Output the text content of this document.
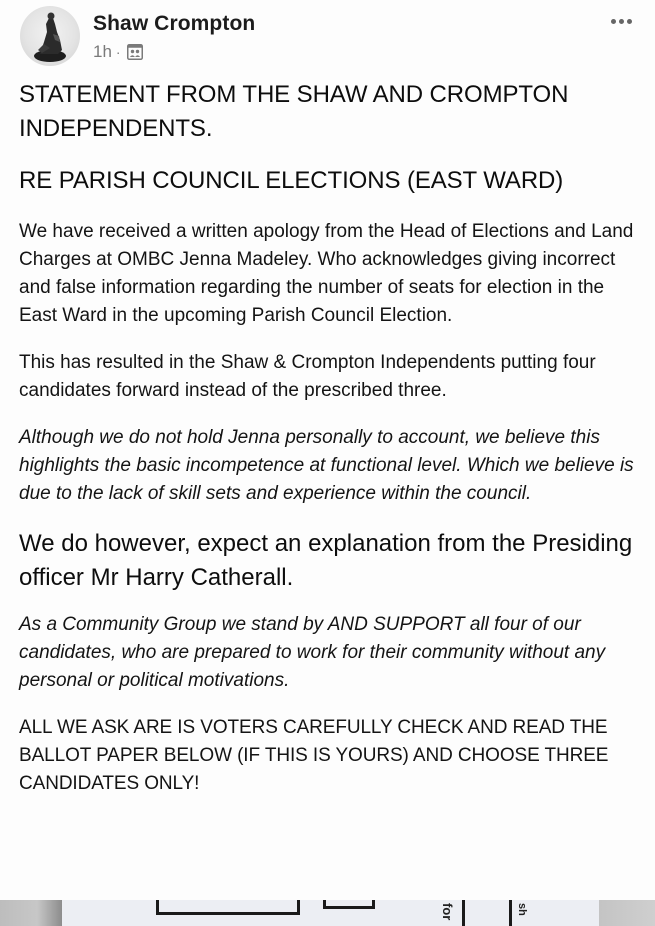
Shaw Crompton
1h ·

STATEMENT FROM THE SHAW AND CROMPTON INDEPENDENTS.

RE PARISH COUNCIL ELECTIONS (EAST WARD)

We have received a written apology from the Head of Elections and Land Charges at OMBC Jenna Madeley. Who acknowledges giving incorrect and false information regarding the number of seats for election in the East Ward in the upcoming Parish Council Election.

This has resulted in the Shaw & Crompton Independents putting four candidates forward instead of the prescribed three.

Although we do not hold Jenna personally to account, we believe this highlights the basic incompetence at functional level. Which we believe is due to the lack of skill sets and experience within the council.

We do however, expect an explanation from the Presiding officer Mr Harry Catherall.

As a Community Group we stand by AND SUPPORT all four of our candidates, who are prepared to work for their community without any personal or political motivations.

ALL WE ASK ARE IS VOTERS CAREFULLY CHECK AND READ THE BALLOT PAPER BELOW (IF THIS IS YOURS) AND CHOOSE THREE CANDIDATES ONLY!

for	sh
